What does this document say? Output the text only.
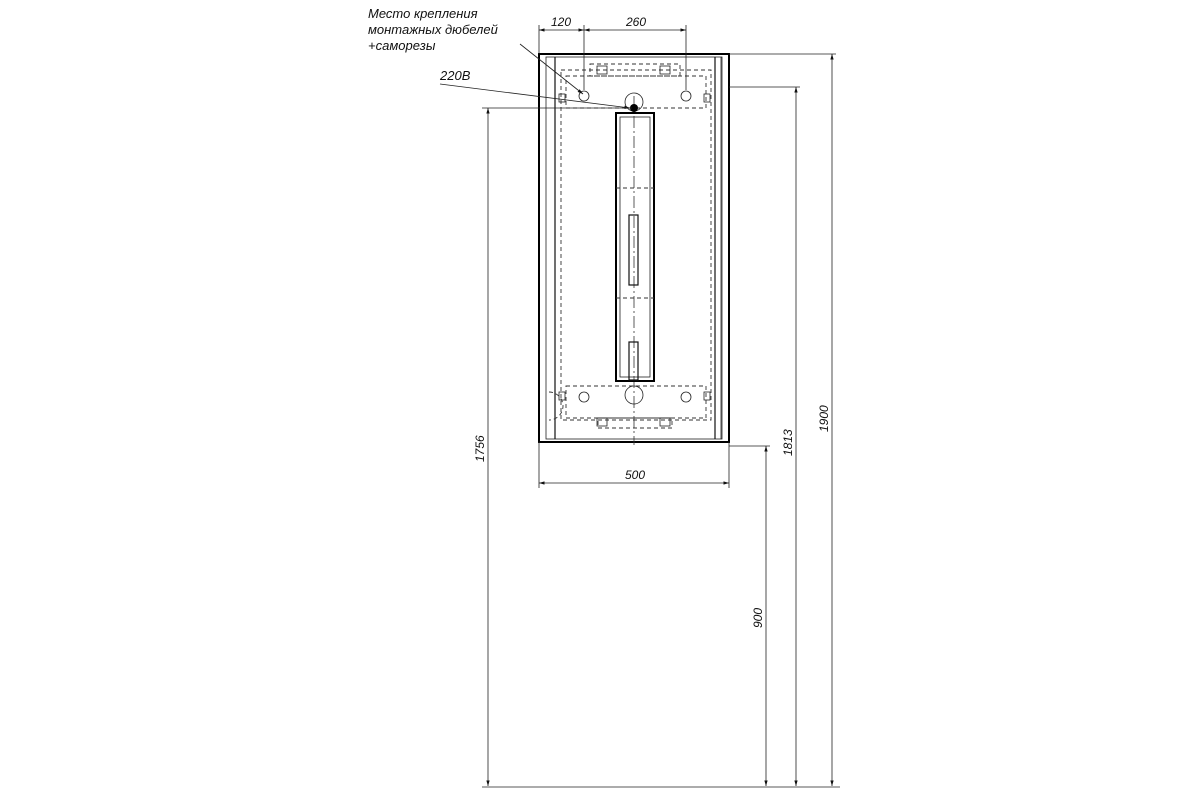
120	260
Место крепления
монтажных дюбелей
+саморезы
220В
500
1756
900
1813
1900
